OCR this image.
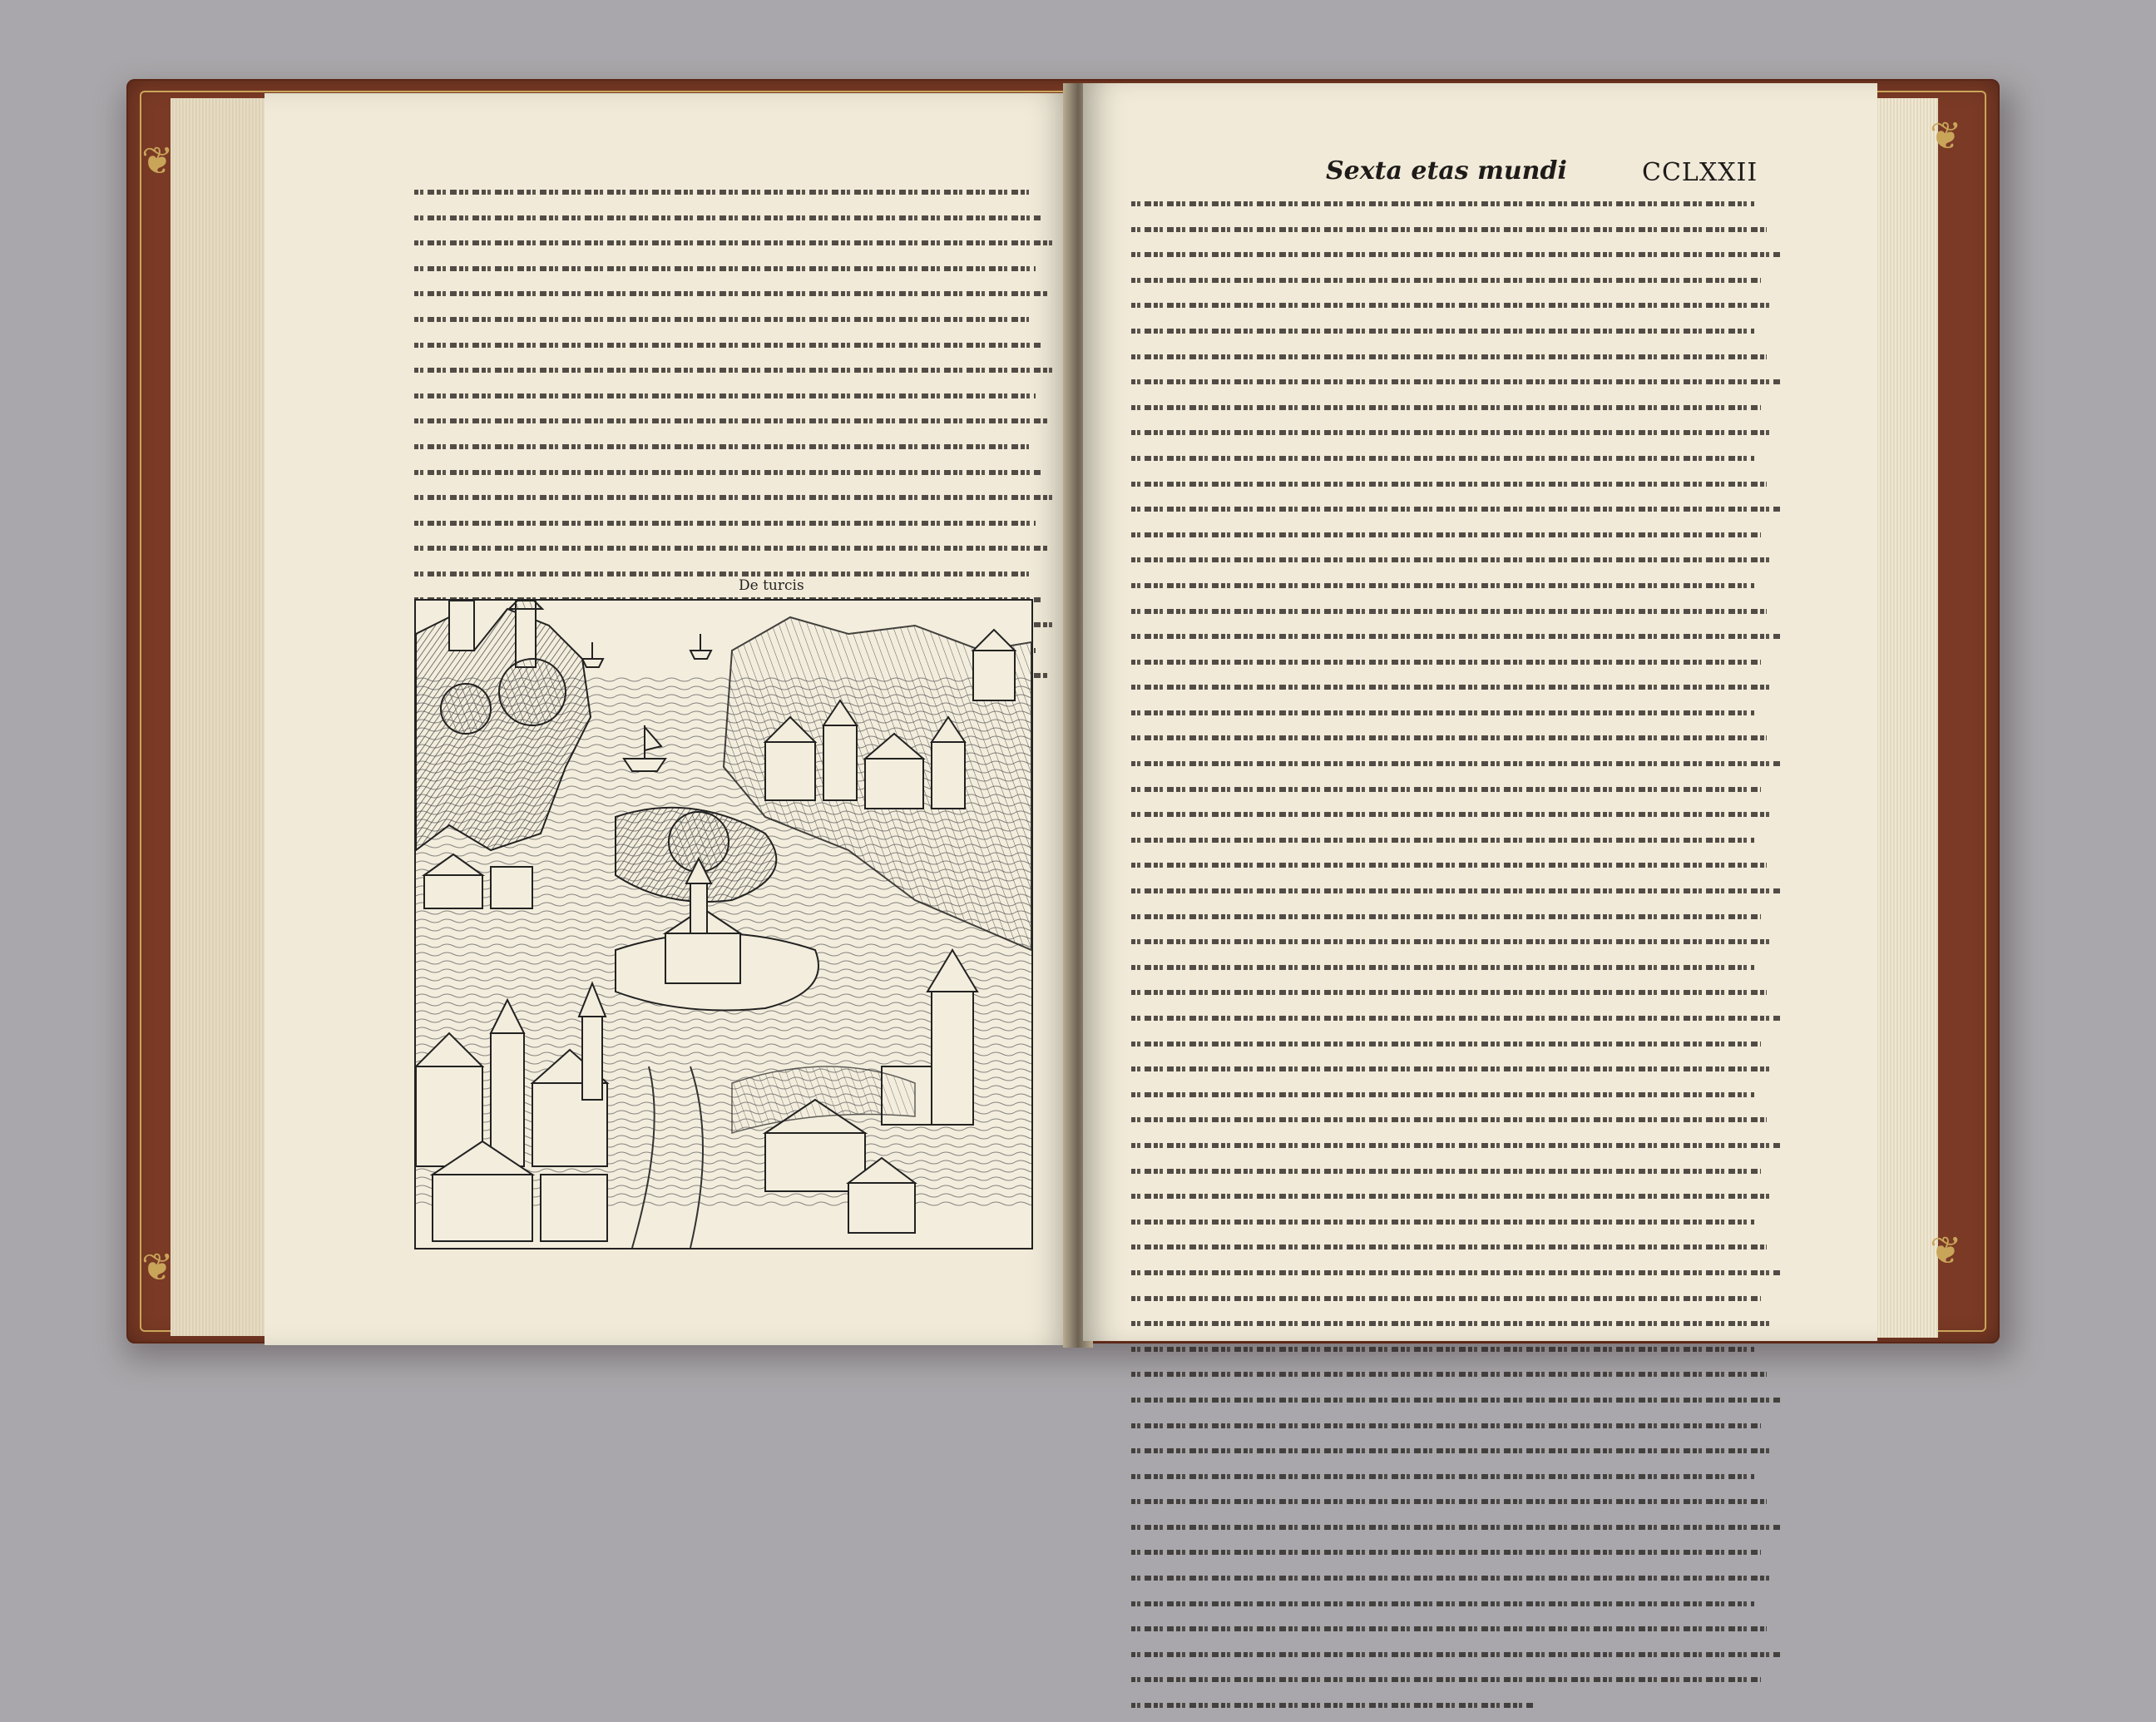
❦
❦
❦
❦
De turcis
Sexta etas mundi	CCLXXII
